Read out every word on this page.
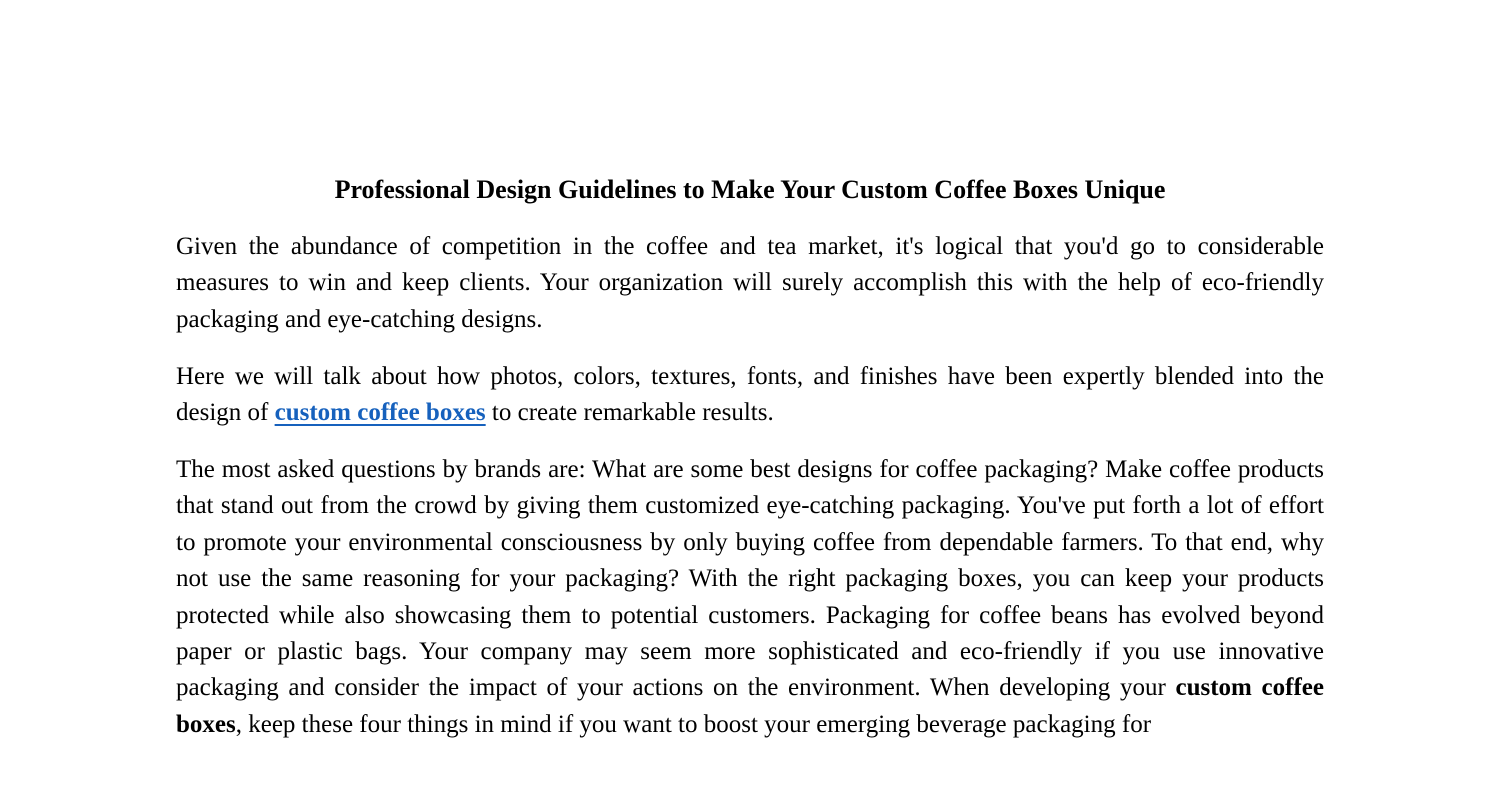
Professional Design Guidelines to Make Your Custom Coffee Boxes Unique

Given the abundance of competition in the coffee and tea market, it's logical that you'd go to considerable measures to win and keep clients. Your organization will surely accomplish this with the help of eco-friendly packaging and eye-catching designs.

Here we will talk about how photos, colors, textures, fonts, and finishes have been expertly blended into the design of custom coffee boxes to create remarkable results.

The most asked questions by brands are: What are some best designs for coffee packaging? Make coffee products that stand out from the crowd by giving them customized eye-catching packaging. You've put forth a lot of effort to promote your environmental consciousness by only buying coffee from dependable farmers. To that end, why not use the same reasoning for your packaging? With the right packaging boxes, you can keep your products protected while also showcasing them to potential customers. Packaging for coffee beans has evolved beyond paper or plastic bags. Your company may seem more sophisticated and eco-friendly if you use innovative packaging and consider the impact of your actions on the environment. When developing your custom coffee boxes, keep these four things in mind if you want to boost your emerging beverage packaging for
